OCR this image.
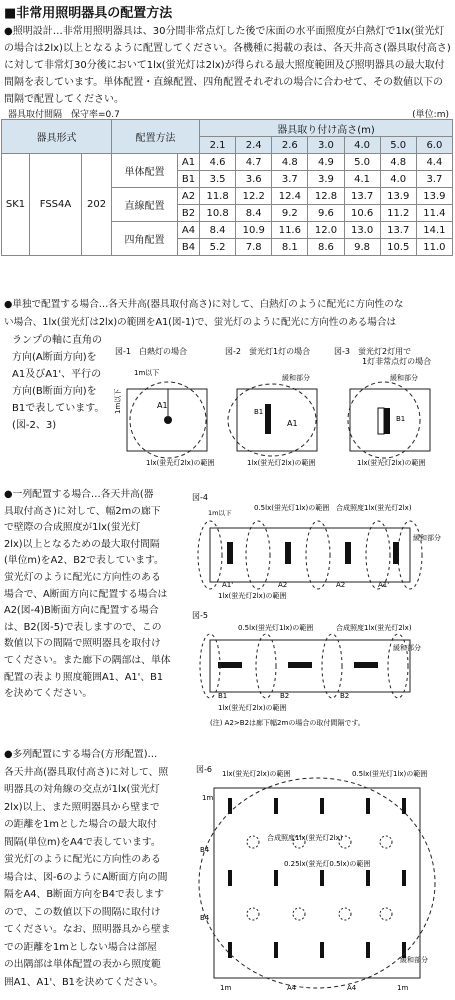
■非常用照明器具の配置方法

●照明設計…非常用照明器具は、30分間非常点灯した後で床面の水平面照度が白熱灯で1lx(蛍光灯の場合は2lx)以上となるように配置してください。各機種に掲載の表は、各天井高さ(器具取付高さ)に対して非常灯30分後において1lx(蛍光灯は2lx)が得られる最大照度範囲及び照明器具の最大取付間隔を表しています。単体配置・直線配置、四角配置それぞれの場合に合わせて、その数値以下の間隔で配置してください。

器具取付間隔　保守率=0.7	(単位:m)
器具形式			配置方法		器具取り付け高さ(m)						
					2.1	2.4	2.6	3.0	4.0	5.0	6.0
SK1	FSS4A	202	単体配置	A1	4.6	4.7	4.8	4.9	5.0	4.8	4.4
				B1	3.5	3.6	3.7	3.9	4.1	4.0	3.7
			直線配置	A2	11.8	12.2	12.4	12.8	13.7	13.9	13.9
				B2	10.8	8.4	9.2	9.6	10.6	11.2	11.4
			四角配置	A4	8.4	10.9	11.6	12.0	13.0	13.7	14.1
				B4	5.2	7.8	8.1	8.6	9.8	10.5	11.0

●単独で配置する場合…各天井高(器具取付高さ)に対して、白熱灯のように配光に方向性のな

い場合、1lx(蛍光灯は2lx)の範囲をA1(図-1)で、蛍光灯のように配光に方向性のある場合は

ランプの軸に直角の
方向(A断面方向)を
A1及びA1'、平行の
方向(B断面方向)を
B1で表しています。
(図-2、3)
図-1　白熱灯の場合	図-2　蛍光灯1灯の場合	図-3　蛍光灯2灯用で
1灯非常点灯の場合
A1
1m以下
1m以下
1lx(蛍光灯2lx)の範囲
B1
A1
緩和部分
1lx(蛍光灯2lx)の範囲
B1
緩和部分
1lx(蛍光灯2lx)の範囲
●一列配置する場合…各天井高(器
具取付高さ)に対して、幅2mの廊下
で壁際の合成照度が1lx(蛍光灯
2lx)以上となるための最大取付間隔
(単位m)をA2、B2で表しています。
蛍光灯のように配光に方向性のある
場合で、A断面方向に配置する場合は
A2(図-4)B断面方向に配置する場合
は、B2(図-5)で表しますので、この
数値以下の間隔で照明器具を取付け
てください。また廊下の隅部は、単体
配置の表より照度範囲A1、A1'、B1
を決めてください。
図-4
1m以下
0.5lx(蛍光灯1lx)の範囲 合成照度1lx(蛍光灯2lx)
緩和部分
A1'	A2	A2	A1'
1lx(蛍光灯2lx)の範囲
図-5
0.5lx(蛍光灯1lx)の範囲	合成照度1lx(蛍光灯2lx)
緩和部分
B1	B2	B2
1lx(蛍光灯2lx)の範囲
(注) A2>B2は廊下幅2mの場合の取付間隔です。
●多列配置にする場合(方形配置)…
各天井高(器具取付高さ)に対して、照
明器具の対角線の交点が1lx(蛍光灯
2lx)以上、また照明器具から壁まで
の距離を1mとした場合の最大取付
間隔(単位m)をA4で表しています。
蛍光灯のように配光に方向性のある
場合は、図-6のようにA断面方向の間
隔をA4、B断面方向をB4で表します
ので、この数値以下の間隔に取付け
てください。なお、照明器具から壁ま
での距離を1mとしない場合は部屋
の出隅部は単体配置の表から照度範
囲A1、A1'、B1を決めてください。
図-6 1lx(蛍光灯2lx)の範囲	0.5lx(蛍光灯1lx)の範囲
合成照度1lx(蛍光灯2lx)
0.25lx(蛍光灯0.5lx)の範囲
緩和部分
1m
B4
B4
1m	A4	A4	1m
